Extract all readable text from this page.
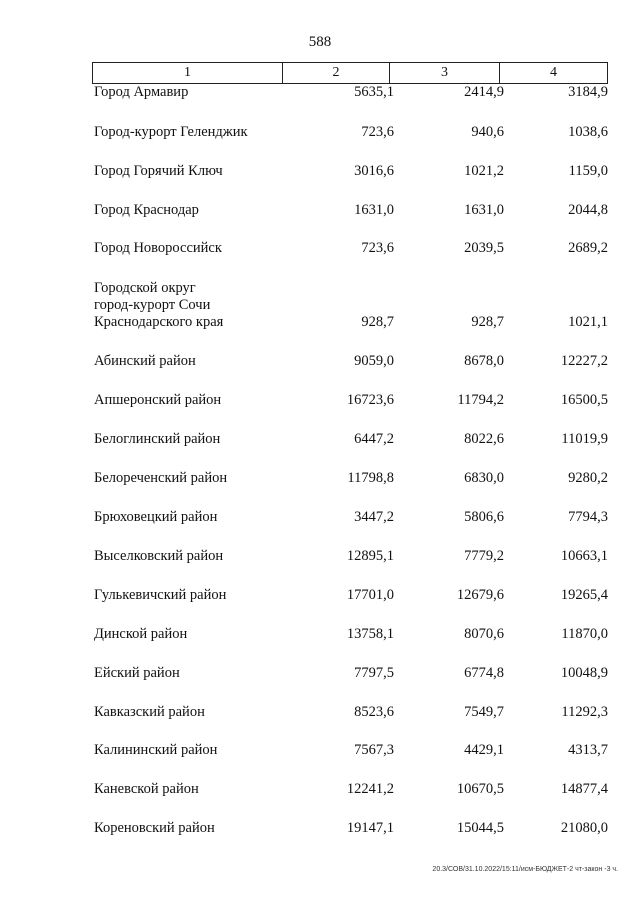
588
1	2	3	4
Город Армавир	5635,1	2414,9	3184,9
Город-курорт Геленджик	723,6	940,6	1038,6
Город Горячий Ключ	3016,6	1021,2	1159,0
Город Краснодар	1631,0	1631,0	2044,8
Город Новороссийск	723,6	2039,5	2689,2
Городской округ
город-курорт Сочи
Краснодарского края	928,7	928,7	1021,1
Абинский район	9059,0	8678,0	12227,2
Апшеронский район	16723,6	11794,2	16500,5
Белоглинский район	6447,2	8022,6	11019,9
Белореченский район	11798,8	6830,0	9280,2
Брюховецкий район	3447,2	5806,6	7794,3
Выселковский район	12895,1	7779,2	10663,1
Гулькевичский район	17701,0	12679,6	19265,4
Динской район	13758,1	8070,6	11870,0
Ейский район	7797,5	6774,8	10048,9
Кавказский район	8523,6	7549,7	11292,3
Калининский район	7567,3	4429,1	4313,7
Каневской район	12241,2	10670,5	14877,4
Кореновский район	19147,1	15044,5	21080,0
20.3/СОВ/31.10.2022/15:11/исм-БЮДЖЕТ-2 чт-закон -3 ч.
